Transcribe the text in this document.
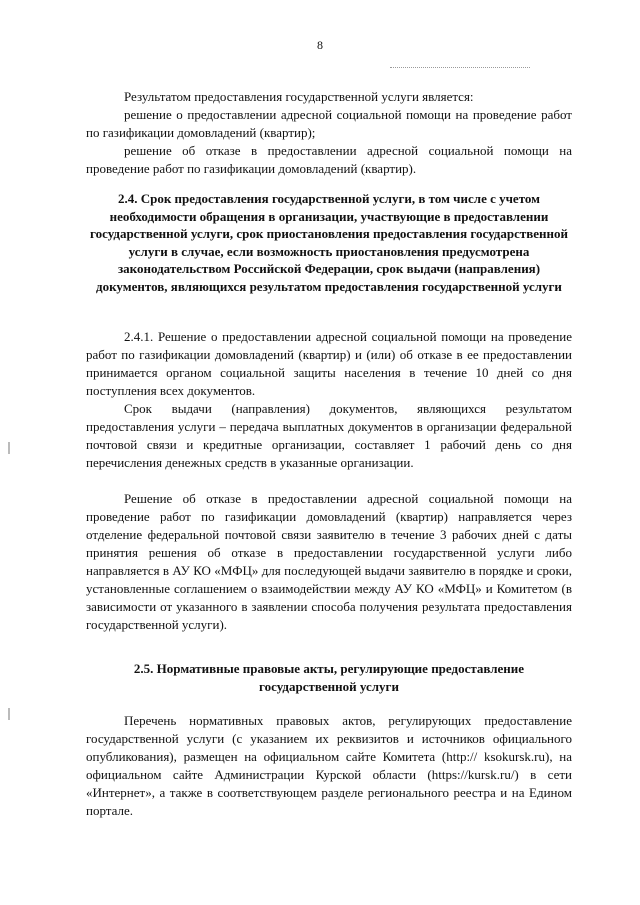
8
Результатом предоставления государственной услуги является:
решение о предоставлении адресной социальной помощи на проведение работ по газификации домовладений (квартир);
решение об отказе в предоставлении адресной социальной помощи на проведение работ по газификации домовладений (квартир).
2.4. Срок предоставления государственной услуги, в том числе с учетом необходимости обращения в организации, участвующие в предоставлении государственной услуги, срок приостановления предоставления государственной услуги в случае, если возможность приостановления предусмотрена законодательством Российской Федерации, срок выдачи (направления) документов, являющихся результатом предоставления государственной услуги
2.4.1. Решение о предоставлении адресной социальной помощи на проведение работ по газификации домовладений (квартир) и (или) об отказе в ее предоставлении принимается органом социальной защиты населения в течение 10 дней со дня поступления всех документов.
Срок выдачи (направления) документов, являющихся результатом предоставления услуги – передача выплатных документов в организации федеральной почтовой связи и кредитные организации, составляет 1 рабочий день со дня перечисления денежных средств в указанные организации.
Решение об отказе в предоставлении адресной социальной помощи на проведение работ по газификации домовладений (квартир) направляется через отделение федеральной почтовой связи заявителю в течение 3 рабочих дней с даты принятия решения об отказе в предоставлении государственной услуги либо направляется в АУ КО «МФЦ» для последующей выдачи заявителю в порядке и сроки, установленные соглашением о взаимодействии между АУ КО «МФЦ» и Комитетом (в зависимости от указанного в заявлении способа получения результата предоставления государственной услуги).
2.5. Нормативные правовые акты, регулирующие предоставление государственной услуги
Перечень нормативных правовых актов, регулирующих предоставление государственной услуги (с указанием их реквизитов и источников официального опубликования), размещен на официальном сайте Комитета (http:// ksokursk.ru), на официальном сайте Администрации Курской области (https://kursk.ru/) в сети «Интернет», а также в соответствующем разделе регионального реестра и на Едином портале.
